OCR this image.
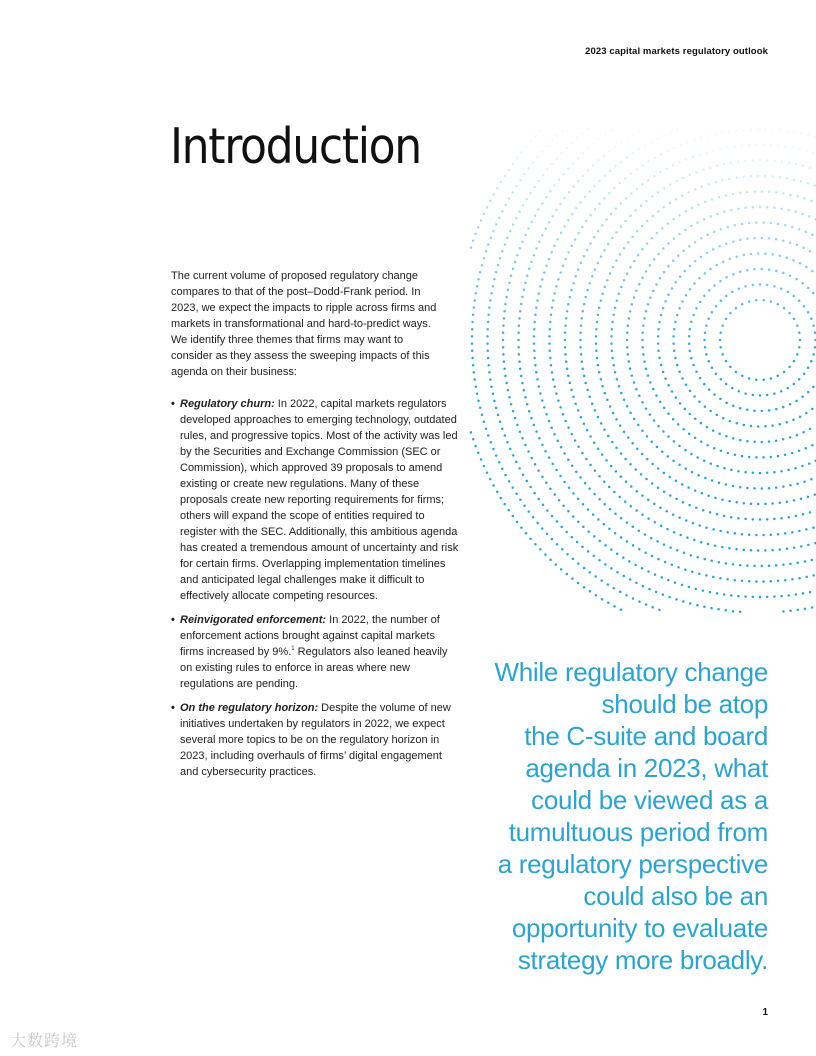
2023 capital markets regulatory outlook
Introduction

The current volume of proposed regulatory change compares to that of the post–Dodd-Frank period. In 2023, we expect the impacts to ripple across firms and markets in transformational and hard-to-predict ways. We identify three themes that firms may want to consider as they assess the sweeping impacts of this agenda on their business:

• Regulatory churn: In 2022, capital markets regulators developed approaches to emerging technology, outdated rules, and progressive topics. Most of the activity was led by the Securities and Exchange Commission (SEC or Commission), which approved 39 proposals to amend existing or create new regulations. Many of these proposals create new reporting requirements for firms; others will expand the scope of entities required to register with the SEC. Additionally, this ambitious agenda has created a tremendous amount of uncertainty and risk for certain firms. Overlapping implementation timelines and anticipated legal challenges make it difficult to effectively allocate competing resources.
• Reinvigorated enforcement: In 2022, the number of enforcement actions brought against capital markets firms increased by 9%.$^1$ Regulators also leaned heavily on existing rules to enforce in areas where new regulations are pending.
• On the regulatory horizon: Despite the volume of new initiatives undertaken by regulators in 2022, we expect several more topics to be on the regulatory horizon in 2023, including overhauls of firms’ digital engagement and cybersecurity practices.
While regulatory change
should be atop
the C-suite and board
agenda in 2023, what
could be viewed as a
tumultuous period from
a regulatory perspective
could also be an
opportunity to evaluate
strategy more broadly.
1
大数跨境
